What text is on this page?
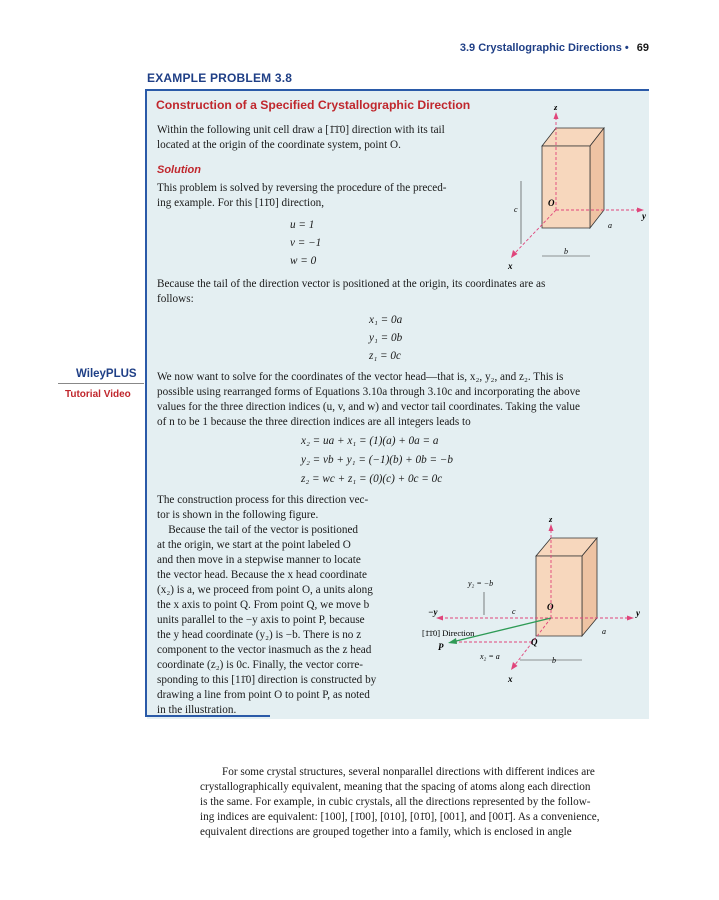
3.9 Crystallographic Directions • 69
EXAMPLE PROBLEM 3.8
Construction of a Specified Crystallographic Direction
Within the following unit cell draw a [1̄1̄0] direction with its tail
located at the origin of the coordinate system, point O.
Solution
This problem is solved by reversing the procedure of the preced-
ing example. For this [11̄0] direction,
u = 1
v = −1
w = 0
z
y
x
O
a
b
c
Because the tail of the direction vector is positioned at the origin, its coordinates are as
follows:
x₁ = 0a
y₁ = 0b
z₁ = 0c
WileyPLUS
Tutorial Video
We now want to solve for the coordinates of the vector head—that is, x₂, y₂, and z₂. This is
possible using rearranged forms of Equations 3.10a through 3.10c and incorporating the above
values for the three direction indices (u, v, and w) and vector tail coordinates. Taking the value
of n to be 1 because the three direction indices are all integers leads to
x₂ = ua + x₁ = (1)(a) + 0a = a
y₂ = vb + y₁ = (−1)(b) + 0b = −b
z₂ = wc + z₁ = (0)(c) + 0c = 0c
The construction process for this direction vec-
tor is shown in the following figure.
Because the tail of the vector is positioned
at the origin, we start at the point labeled O
and then move in a stepwise manner to locate
the vector head. Because the x head coordinate
(x₂) is a, we proceed from point O, a units along
the x axis to point Q. From point Q, we move b
units parallel to the −y axis to point P, because
the y head coordinate (y₂) is −b. There is no z
component to the vector inasmuch as the z head
coordinate (z₂) is 0c. Finally, the vector corre-
sponding to this [11̄0] direction is constructed by
drawing a line from point O to point P, as noted
in the illustration.
z
y
−y
x
O
Q
P
a
b
c
y₂ = −b
x₂ = a
[1̄1̄0] Direction
For some crystal structures, several nonparallel directions with different indices are
crystallographically equivalent, meaning that the spacing of atoms along each direction
is the same. For example, in cubic crystals, all the directions represented by the follow-
ing indices are equivalent: [100], [1̄00], [010], [01̄0], [001], and [001̄]. As a convenience,
equivalent directions are grouped together into a family, which is enclosed in angle
